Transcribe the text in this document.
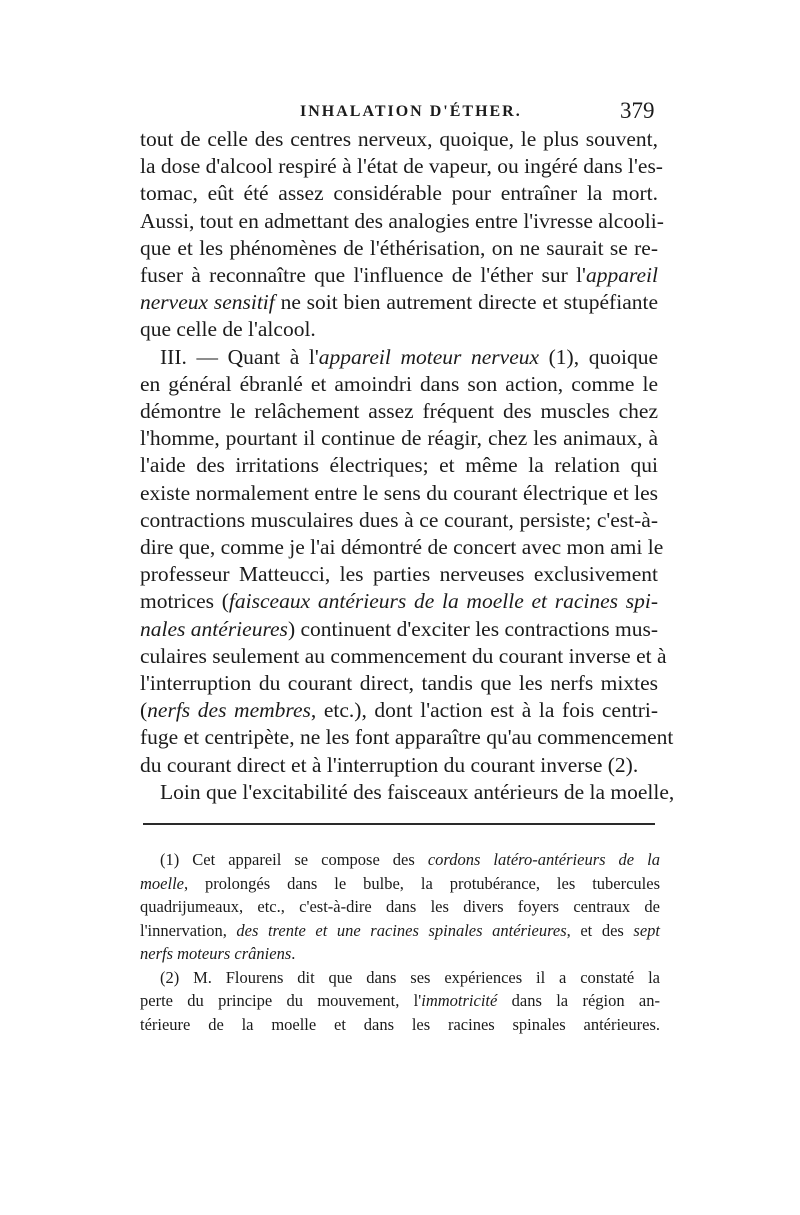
INHALATION D'ÉTHER.	379
tout de celle des centres nerveux, quoique, le plus souvent,
la dose d'alcool respiré à l'état de vapeur, ou ingéré dans l'es-
tomac, eût été assez considérable pour entraîner la mort.
Aussi, tout en admettant des analogies entre l'ivresse alcooli-
que et les phénomènes de l'éthérisation, on ne saurait se re-
fuser à reconnaître que l'influence de l'éther sur l'appareil
nerveux sensitif ne soit bien autrement directe et stupéfiante
que celle de l'alcool.
III. — Quant à l'appareil moteur nerveux (1), quoique
en général ébranlé et amoindri dans son action, comme le
démontre le relâchement assez fréquent des muscles chez
l'homme, pourtant il continue de réagir, chez les animaux, à
l'aide des irritations électriques; et même la relation qui
existe normalement entre le sens du courant électrique et les
contractions musculaires dues à ce courant, persiste; c'est-à-
dire que, comme je l'ai démontré de concert avec mon ami le
professeur Matteucci, les parties nerveuses exclusivement
motrices (faisceaux antérieurs de la moelle et racines spi-
nales antérieures) continuent d'exciter les contractions mus-
culaires seulement au commencement du courant inverse et à
l'interruption du courant direct, tandis que les nerfs mixtes
(nerfs des membres, etc.), dont l'action est à la fois centri-
fuge et centripète, ne les font apparaître qu'au commencement
du courant direct et à l'interruption du courant inverse (2).
Loin que l'excitabilité des faisceaux antérieurs de la moelle,
(1) Cet appareil se compose des cordons latéro-antérieurs de la
moelle, prolongés dans le bulbe, la protubérance, les tubercules
quadrijumeaux, etc., c'est-à-dire dans les divers foyers centraux de
l'innervation, des trente et une racines spinales antérieures, et des sept
nerfs moteurs crâniens.
(2) M. Flourens dit que dans ses expériences il a constaté la
perte du principe du mouvement, l'immotricité dans la région an-
térieure de la moelle et dans les racines spinales antérieures.
